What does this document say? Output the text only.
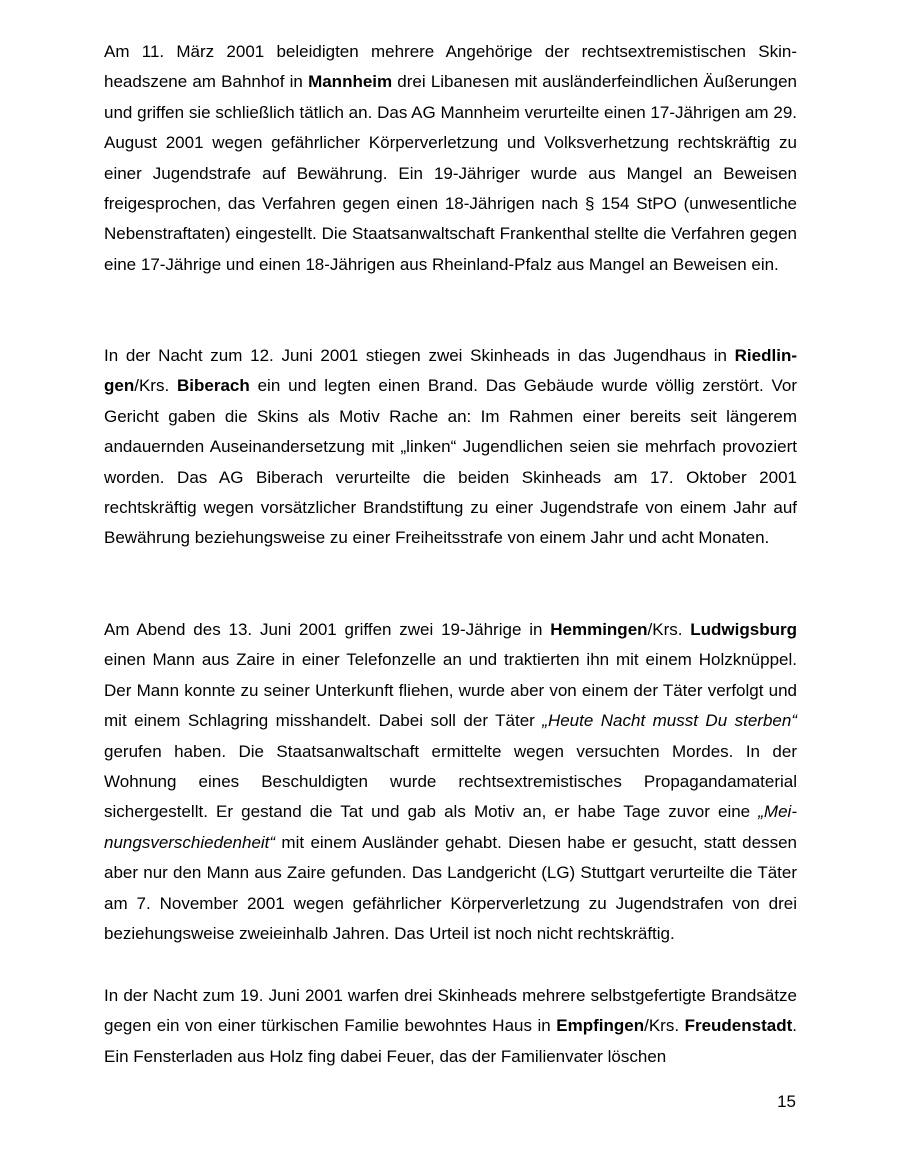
Am 11. März 2001 beleidigten mehrere Angehörige der rechtsextremistischen Skinheadszene am Bahnhof in Mannheim drei Libanesen mit ausländerfeindlichen Äußerungen und griffen sie schließlich tätlich an. Das AG Mannheim verurteilte einen 17-Jährigen am 29. August 2001 wegen gefährlicher Körperverletzung und Volksverhetzung rechtskräftig zu einer Jugendstrafe auf Bewährung. Ein 19-Jähriger wurde aus Mangel an Beweisen freigesprochen, das Verfahren gegen einen 18-Jährigen nach § 154 StPO (unwesentliche Nebenstraftaten) eingestellt. Die Staatsanwaltschaft Frankenthal stellte die Verfahren gegen eine 17-Jährige und einen 18-Jährigen aus Rheinland-Pfalz aus Mangel an Beweisen ein.

In der Nacht zum 12. Juni 2001 stiegen zwei Skinheads in das Jugendhaus in Riedlingen/Krs. Biberach ein und legten einen Brand. Das Gebäude wurde völlig zerstört. Vor Gericht gaben die Skins als Motiv Rache an: Im Rahmen einer bereits seit längerem andauernden Auseinandersetzung mit „linken“ Jugendlichen seien sie mehrfach provoziert worden. Das AG Biberach verurteilte die beiden Skinheads am 17. Oktober 2001 rechtskräftig wegen vorsätzlicher Brandstiftung zu einer Jugendstrafe von einem Jahr auf Bewährung beziehungsweise zu einer Freiheitsstrafe von einem Jahr und acht Monaten.

Am Abend des 13. Juni 2001 griffen zwei 19-Jährige in Hemmingen/Krs. Ludwigsburg einen Mann aus Zaire in einer Telefonzelle an und traktierten ihn mit einem Holzknüppel. Der Mann konnte zu seiner Unterkunft fliehen, wurde aber von einem der Täter verfolgt und mit einem Schlagring misshandelt. Dabei soll der Täter „Heute Nacht musst Du sterben“ gerufen haben. Die Staatsanwaltschaft ermittelte wegen versuchten Mordes. In der Wohnung eines Beschuldigten wurde rechtsextremistisches Propagandamaterial sichergestellt. Er gestand die Tat und gab als Motiv an, er habe Tage zuvor eine „Meinungsverschiedenheit“ mit einem Ausländer gehabt. Diesen habe er gesucht, statt dessen aber nur den Mann aus Zaire gefunden. Das Landgericht (LG) Stuttgart verurteilte die Täter am 7. November 2001 wegen gefährlicher Körperverletzung zu Jugendstrafen von drei beziehungsweise zweieinhalb Jahren. Das Urteil ist noch nicht rechtskräftig.

In der Nacht zum 19. Juni 2001 warfen drei Skinheads mehrere selbstgefertigte Brandsätze gegen ein von einer türkischen Familie bewohntes Haus in Empfingen/Krs. Freudenstadt. Ein Fensterladen aus Holz fing dabei Feuer, das der Familienvater löschen

15
